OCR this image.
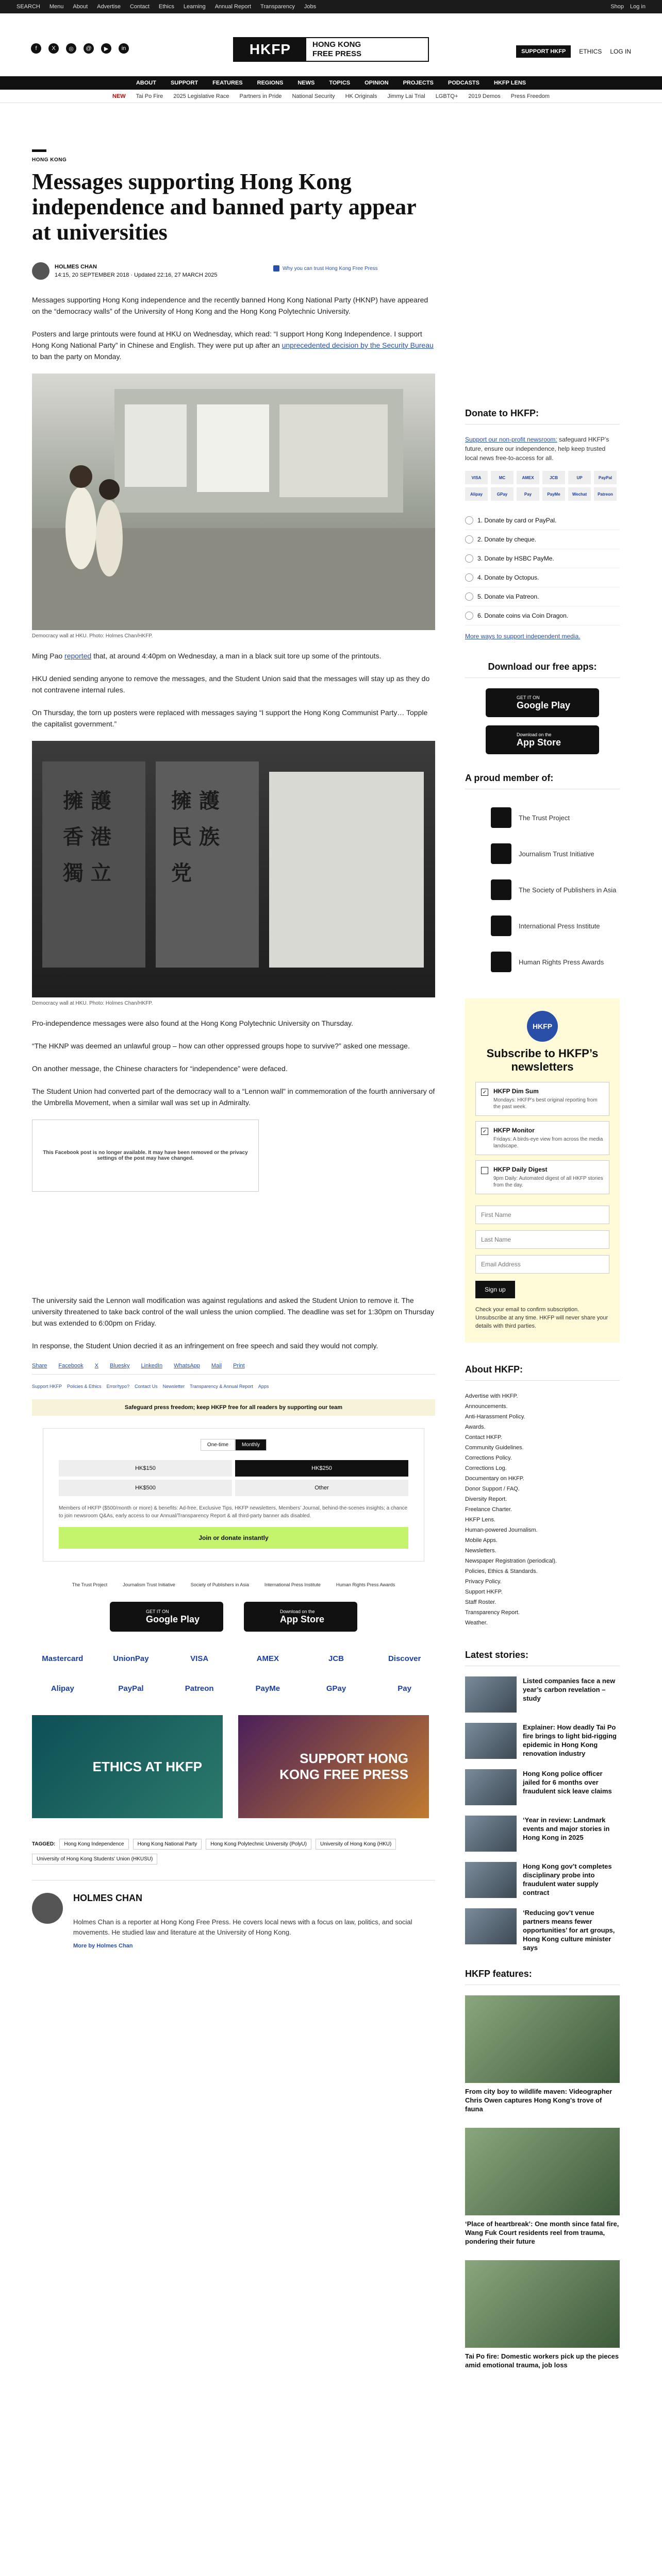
SEARCH Menu About Advertise Contact Ethics Learning Annual Report Transparency Jobs	Shop Log in
f	X	◎	@	▶	in	HKFP	HONG KONG
FREE PRESS	SUPPORT HKFP	ETHICS LOG IN
ABOUT	SUPPORT	FEATURES	REGIONS	NEWS	TOPICS	OPINION	PROJECTS	PODCASTS	HKFP LENS
NEW Tai Po Fire 2025 Legislative Race Partners in Pride National Security HK Originals Jimmy Lai Trial LGBTQ+ 2019 Demos Press Freedom
HONG KONG
Messages supporting Hong Kong independence and banned party appear at universities
HOLMES CHAN
14:15, 20 SEPTEMBER 2018 · Updated 22:16, 27 MARCH 2025
Why you can trust Hong Kong Free Press

Messages supporting Hong Kong independence and the recently banned Hong Kong National Party (HKNP) have appeared on the “democracy walls” of the University of Hong Kong and the Hong Kong Polytechnic University.

Posters and large printouts were found at HKU on Wednesday, which read: “I support Hong Kong Independence. I support Hong Kong National Party” in Chinese and English. They were put up after an unprecedented decision by the Security Bureau to ban the party on Monday.

Democracy wall at HKU. Photo: Holmes Chan/HKFP.

Ming Pao reported that, at around 4:40pm on Wednesday, a man in a black suit tore up some of the printouts.

HKU denied sending anyone to remove the messages, and the Student Union said that the messages will stay up as they do not contravene internal rules.

On Thursday, the torn up posters were replaced with messages saying “I support the Hong Kong Communist Party… Topple the capitalist government.”

擁 護
香 港
獨 立
擁 護
民 族
党
Democracy wall at HKU. Photo: Holmes Chan/HKFP.

Pro-independence messages were also found at the Hong Kong Polytechnic University on Thursday.

“The HKNP was deemed an unlawful group – how can other oppressed groups hope to survive?” asked one message.

On another message, the Chinese characters for “independence” were defaced.

The Student Union had converted part of the democracy wall to a “Lennon wall” in commemoration of the fourth anniversary of the Umbrella Movement, when a similar wall was set up in Admiralty.

This Facebook post is no longer available. It may have been removed or the privacy settings of the post may have changed.

The university said the Lennon wall modification was against regulations and asked the Student Union to remove it. The university threatened to take back control of the wall unless the union complied. The deadline was set for 1:30pm on Thursday but was extended to 6:00pm on Friday.

In response, the Student Union decried it as an infringement on free speech and said they would not comply.

Share Facebook X Bluesky LinkedIn WhatsApp Mail Print
Support HKFP Policies & Ethics Error/typo? Contact Us Newsletter Transparency & Annual Report Apps
Safeguard press freedom; keep HKFP free for all readers by supporting our team
One-time	Monthly
HK$150	HK$250
HK$500	Other
Members of HKFP ($500/month or more) & benefits: Ad-free, Exclusive Tips, HKFP newsletters, Members’ Journal, behind-the-scenes insights; a chance to join newsroom Q&As, early access to our Annual/Transparency Report & all third-party banner ads disabled.
Join or donate instantly
The Trust Project	Journalism Trust Initiative	Society of Publishers in Asia	International Press Institute	Human Rights Press Awards
GET IT ON
Google Play
Download on the
App Store
Mastercard	UnionPay	VISA	AMEX	JCB	Discover
Alipay	PayPal	Patreon	PayMe	GPay	Pay
ETHICS AT HKFP
SUPPORT HONG KONG FREE PRESS
TAGGED:	Hong Kong Independence	Hong Kong National Party	Hong Kong Polytechnic University (PolyU)	University of Hong Kong (HKU)
University of Hong Kong Students' Union (HKUSU)
HOLMES CHAN

Holmes Chan is a reporter at Hong Kong Free Press. He covers local news with a focus on law, politics, and social movements. He studied law and literature at the University of Hong Kong.

More by Holmes Chan
Donate to HKFP:
Support our non-profit newsroom: safeguard HKFP’s future, ensure our independence, help keep trusted local news free-to-access for all.
VISA	MC	AMEX	JCB	UP	PayPal
Alipay	GPay	Pay	PayMe	Wechat	Patreon
1. Donate by card or PayPal.
2. Donate by cheque.
3. Donate by HSBC PayMe.
4. Donate by Octopus.
5. Donate via Patreon.
6. Donate coins via Coin Dragon.
More ways to support independent media.
Download our free apps:
GET IT ON
Google Play
Download on the
App Store
A proud member of:
The Trust Project
Journalism Trust Initiative
The Society of Publishers in Asia
International Press Institute
Human Rights Press Awards
HKFP
Subscribe to HKFP’s newsletters
✓ HKFP Dim Sum
Mondays: HKFP’s best original reporting from the past week.
✓ HKFP Monitor
Fridays: A birds-eye view from across the media landscape.
HKFP Daily Digest
9pm Daily: Automated digest of all HKFP stories from the day.
First Name Last Name Email Address Sign up
Check your email to confirm subscription. Unsubscribe at any time. HKFP will never share your details with third parties.
About HKFP:
Advertise with HKFP.
Announcements.
Anti-Harassment Policy.
Awards.
Contact HKFP.
Community Guidelines.
Corrections Policy.
Corrections Log.
Documentary on HKFP.
Donor Support / FAQ.
Diversity Report.
Freelance Charter.
HKFP Lens.
Human-powered Journalism.
Mobile Apps.
Newsletters.
Newspaper Registration (periodical).
Policies, Ethics & Standards.
Privacy Policy.
Support HKFP.
Staff Roster.
Transparency Report.
Weather.
Latest stories:
Listed companies face a new year’s carbon revelation – study
Explainer: How deadly Tai Po fire brings to light bid-rigging epidemic in Hong Kong renovation industry
Hong Kong police officer jailed for 6 months over fraudulent sick leave claims
‘Year in review: Landmark events and major stories in Hong Kong in 2025
Hong Kong gov’t completes disciplinary probe into fraudulent water supply contract
‘Reducing gov’t venue partners means fewer opportunities’ for art groups, Hong Kong culture minister says
HKFP features:
From city boy to wildlife maven: Videographer Chris Owen captures Hong Kong’s trove of fauna
‘Place of heartbreak’: One month since fatal fire, Wang Fuk Court residents reel from trauma, pondering their future
Tai Po fire: Domestic workers pick up the pieces amid emotional trauma, job loss
